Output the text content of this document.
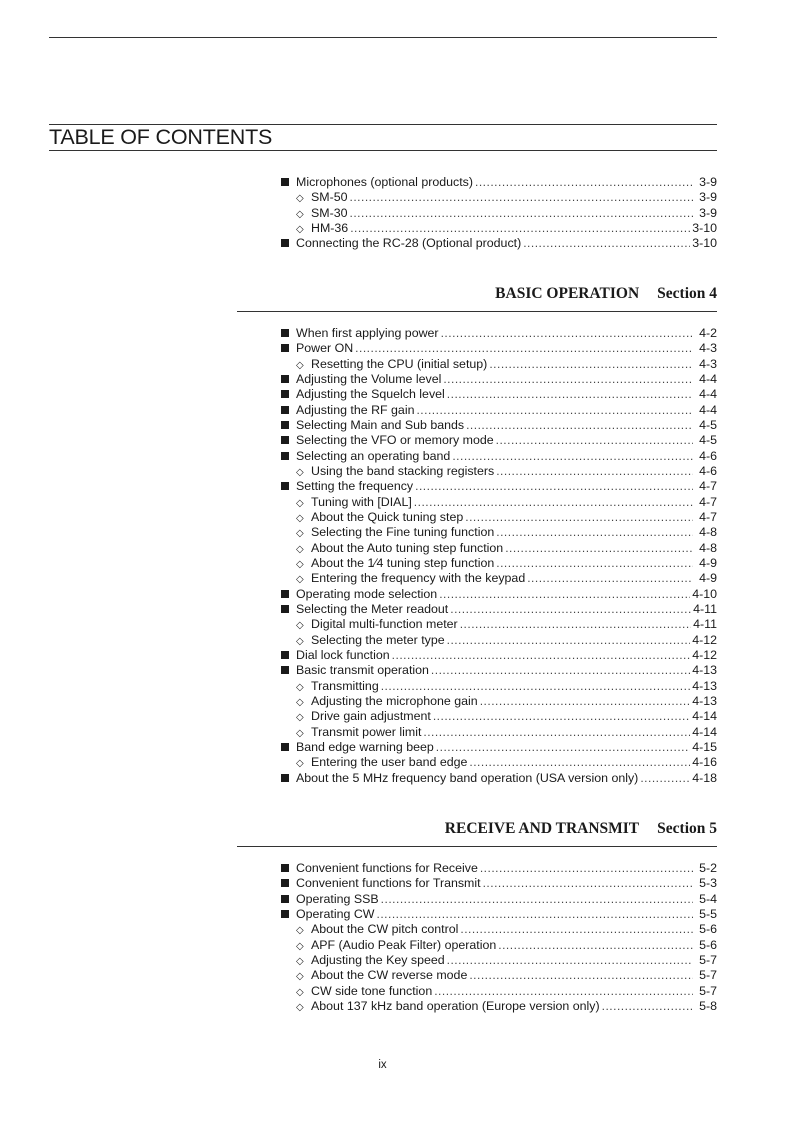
TABLE OF CONTENTS
Microphones (optional products) .....	3-9
◇ SM-50 .....	3-9
◇ SM-30 .....	3-9
◇ HM-36 .....	3-10
Connecting the RC-28 (Optional product) .....	3-10
BASIC OPERATION Section 4
When first applying power .....	4-2
Power ON .....	4-3
◇ Resetting the CPU (initial setup) .....	4-3
Adjusting the Volume level .....	4-4
Adjusting the Squelch level .....	4-4
Adjusting the RF gain .....	4-4
Selecting Main and Sub bands .....	4-5
Selecting the VFO or memory mode .....	4-5
Selecting an operating band .....	4-6
◇ Using the band stacking registers .....	4-6
Setting the frequency .....	4-7
◇ Tuning with [DIAL] .....	4-7
◇ About the Quick tuning step .....	4-7
◇ Selecting the Fine tuning function .....	4-8
◇ About the Auto tuning step function .....	4-8
◇ About the 1⁄4 tuning step function .....	4-9
◇ Entering the frequency with the keypad .....	4-9
Operating mode selection .....	4-10
Selecting the Meter readout .....	4-11
◇ Digital multi-function meter .....	4-11
◇ Selecting the meter type .....	4-12
Dial lock function .....	4-12
Basic transmit operation .....	4-13
◇ Transmitting .....	4-13
◇ Adjusting the microphone gain .....	4-13
◇ Drive gain adjustment .....	4-14
◇ Transmit power limit .....	4-14
Band edge warning beep .....	4-15
◇ Entering the user band edge .....	4-16
About the 5 MHz frequency band operation (USA version only) .....	4-18
RECEIVE AND TRANSMIT Section 5
Convenient functions for Receive .....	5-2
Convenient functions for Transmit .....	5-3
Operating SSB .....	5-4
Operating CW .....	5-5
◇ About the CW pitch control .....	5-6
◇ APF (Audio Peak Filter) operation .....	5-6
◇ Adjusting the Key speed .....	5-7
◇ About the CW reverse mode .....	5-7
◇ CW side tone function .....	5-7
◇ About 137 kHz band operation (Europe version only) .....	5-8
ix
